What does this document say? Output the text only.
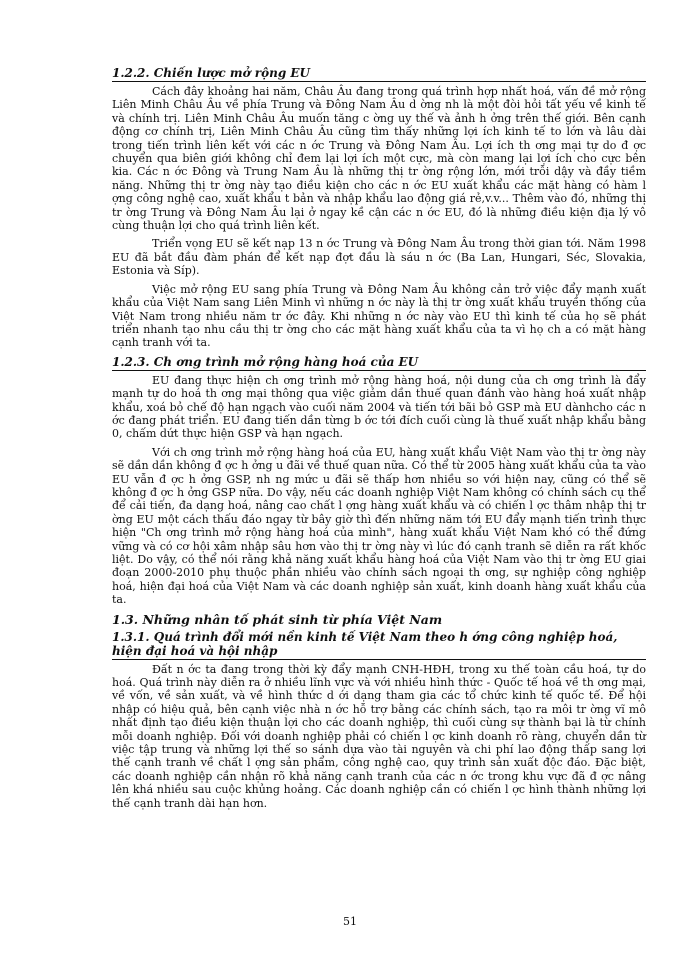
1.2.2. Chiến lược mở rộng EU

Cách đây khoảng hai năm, Châu Âu đang trong quá trình hợp nhất hoá, vấn đề mở rộng Liên Minh Châu Âu về phía Trung và Đông Nam Âu d ờng nh là một đòi hỏi tất yếu về kinh tế và chính trị. Liên Minh Châu Âu muốn tăng c ờng uy thế và ảnh h ởng trên thế giới. Bên cạnh động cơ chính trị, Liên Minh Châu Âu cũng tìm thấy những lợi ích kinh tế to lớn và lâu dài trong tiến trình liên kết với các n ớc Trung và Đông Nam Âu. Lợi ích th ơng mại tự do đ ợc chuyển qua biên giới không chỉ đem lại lợi ích một cực, mà còn mang lại lợi ích cho cực bên kia. Các n ớc Đông và Trung Nam Âu là những thị tr ờng rộng lớn, mới trỗi dậy và đầy tiềm năng. Những thị tr ờng này tạo điều kiện cho các n ớc EU xuất khẩu các mặt hàng có hàm l ợng công nghệ cao, xuất khẩu t bản và nhập khẩu lao động giá rẻ,v.v... Thêm vào đó, những thị tr ờng Trung và Đông Nam Âu lại ở ngay kề cận các n ớc EU, đó là những điều kiện địa lý vô cùng thuận lợi cho quá trình liên kết.

Triển vọng EU sẽ kết nạp 13 n ớc Trung và Đông Nam Âu trong thời gian tới. Năm 1998 EU đã bắt đầu đàm phán để kết nạp đợt đầu là sáu n ớc (Ba Lan, Hungari, Séc, Slovakia, Estonia và Síp).

Việc mở rộng EU sang phía Trung và Đông Nam Âu không cản trở việc đẩy mạnh xuất khẩu của Việt Nam sang Liên Minh vì những n ớc này là thị tr ờng xuất khẩu truyền thống của Việt Nam trong nhiều năm tr ớc đây. Khi những n ớc này vào EU thì kinh tế của họ sẽ phát triển nhanh tạo nhu cầu thị tr ờng cho các mặt hàng xuất khẩu của ta vì họ ch a có mặt hàng cạnh tranh với ta.

1.2.3. Ch ơng trình mở rộng hàng hoá của EU

EU đang thực hiện ch ơng trình mở rộng hàng hoá, nội dung của ch ơng trình là đẩy mạnh tự do hoá th ơng mại thông qua việc giảm dần thuế quan đánh vào hàng hoá xuất nhập khẩu, xoá bỏ chế độ hạn ngạch vào cuối năm 2004 và tiến tới bãi bỏ GSP mà EU dànhcho các n ớc đang phát triển. EU đang tiến dần từng b ớc tới đích cuối cùng là thuế xuất nhập khẩu bằng 0, chấm dứt thực hiện GSP và hạn ngạch.

Với ch ơng trình mở rộng hàng hoá của EU, hàng xuất khẩu Việt Nam vào thị tr ờng này sẽ dần dần không đ ợc h ởng u đãi về thuế quan nữa. Có thể từ 2005 hàng xuất khẩu của ta vào EU vẫn đ ợc h ởng GSP, nh ng mức u đãi sẽ thấp hơn nhiều so với hiện nay, cũng có thể sẽ không đ ợc h ởng GSP nữa. Do vậy, nếu các doanh nghiệp Việt Nam không có chính sách cụ thể để cải tiến, đa dạng hoá, nâng cao chất l ợng hàng xuất khẩu và có chiến l ợc thâm nhập thị tr ờng EU một cách thấu đáo ngay từ bây giờ thì đến những năm tới EU đẩy mạnh tiến trình thực hiện "Ch ơng trình mở rộng hàng hoá của mình", hàng xuất khẩu Việt Nam khó có thể đứng vững và có cơ hội xâm nhập sâu hơn vào thị tr ờng này vì lúc đó cạnh tranh sẽ diễn ra rất khốc liệt. Do vậy, có thể nói rằng khả năng xuất khẩu hàng hoá của Việt Nam vào thị tr ờng EU giai đoạn 2000-2010 phụ thuộc phần nhiều vào chính sách ngoại th ơng, sự nghiệp công nghiệp hoá, hiện đại hoá của Việt Nam và các doanh nghiệp sản xuất, kinh doanh hàng xuất khẩu của ta.

1.3. Những nhân tố phát sinh từ phía Việt Nam
1.3.1. Quá trình đổi mới nền kinh tế Việt Nam theo h ớng công nghiệp hoá, hiện đại hoá và hội nhập

Đất n ớc ta đang trong thời kỳ đẩy mạnh CNH-HĐH, trong xu thế toàn cầu hoá, tự do hoá. Quá trình này diễn ra ở nhiều lĩnh vực và với nhiều hình thức - Quốc tế hoá về th ơng mại, về vốn, về sản xuất, và về hình thức d ới dạng tham gia các tổ chức kinh tế quốc tế. Để hội nhập có hiệu quả, bên cạnh việc nhà n ớc hỗ trợ bằng các chính sách, tạo ra môi tr ờng vĩ mô nhất định tạo điều kiện thuận lợi cho các doanh nghiệp, thì cuối cùng sự thành bại là từ chính mỗi doanh nghiệp. Đối với doanh nghiệp phải có chiến l ợc kinh doanh rõ ràng, chuyển dần từ việc tập trung và những lợi thế so sánh dựa vào tài nguyên và chi phí lao động thấp sang lợi thế cạnh tranh về chất l ợng sản phẩm, công nghệ cao, quy trình sản xuất độc đáo. Đặc biệt, các doanh nghiệp cần nhận rõ khả năng cạnh tranh của các n ớc trong khu vực đã đ ợc nâng lên khá nhiều sau cuộc khủng hoảng. Các doanh nghiệp cần có chiến l ợc hình thành những lợi thế cạnh tranh dài hạn hơn.

51
